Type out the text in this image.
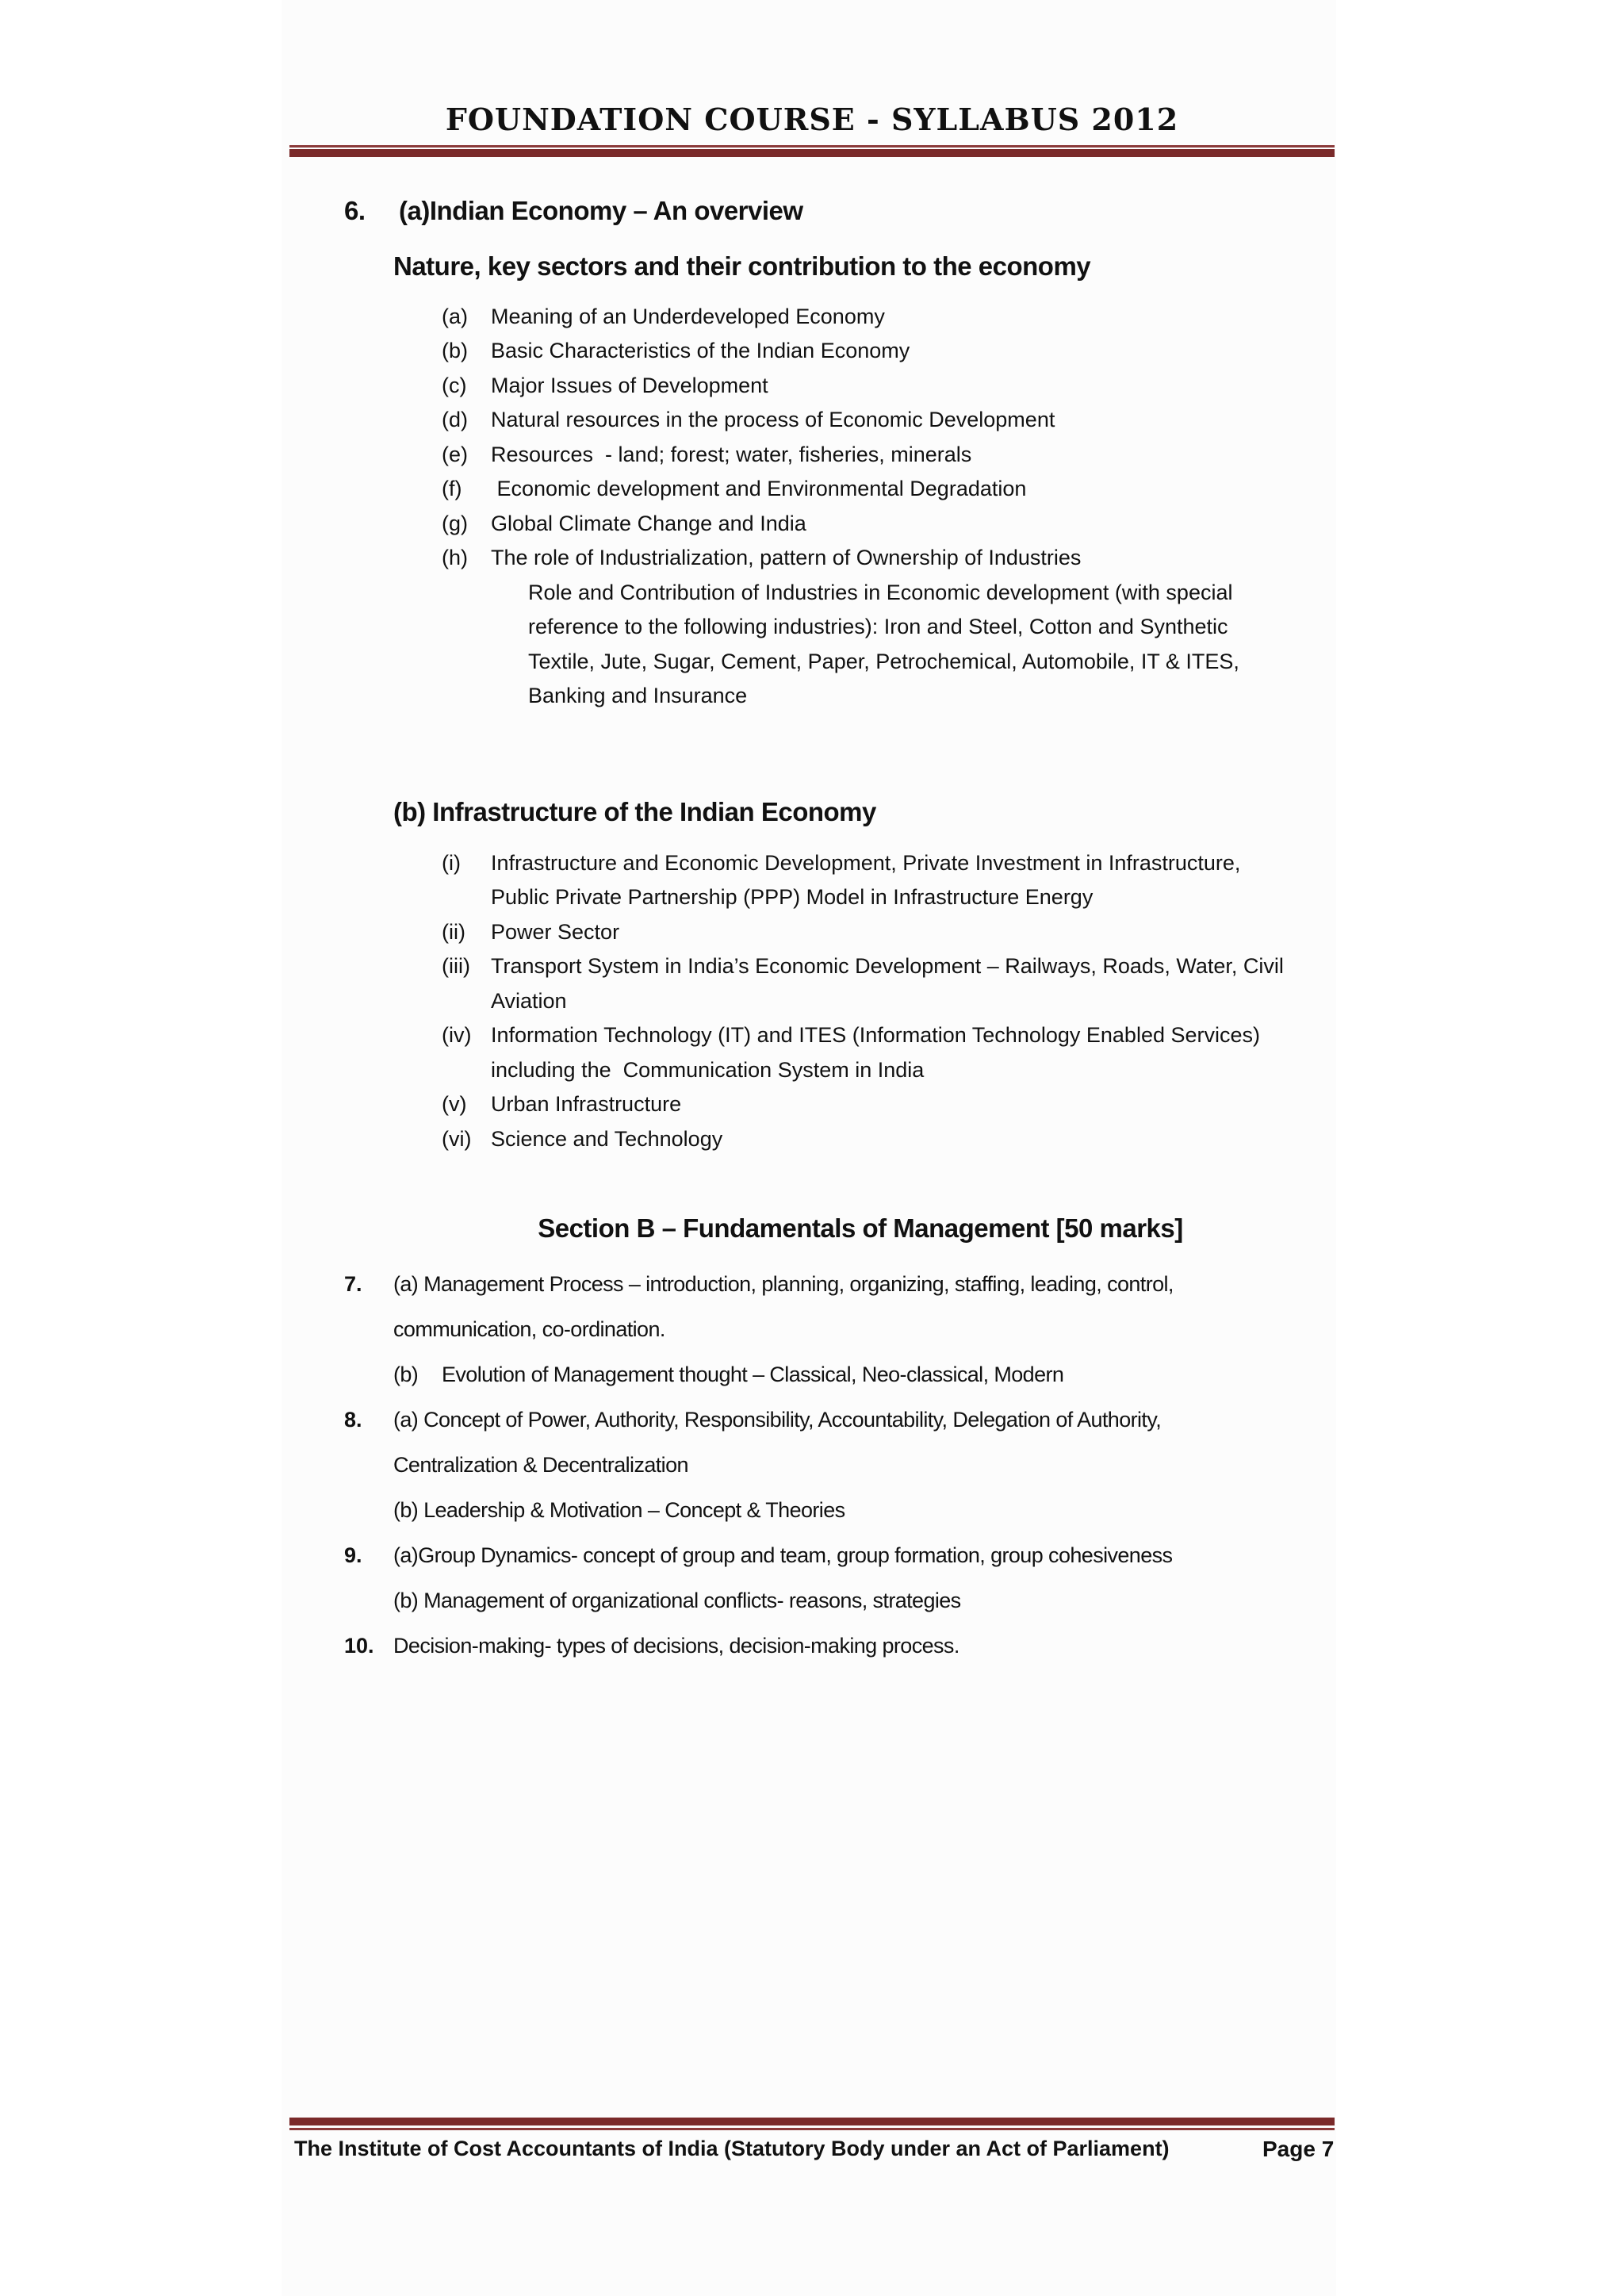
FOUNDATION COURSE - SYLLABUS 2012
6. (a)Indian Economy – An overview
Nature, key sectors and their contribution to the economy
(a) Meaning of an Underdeveloped Economy
(b) Basic Characteristics of the Indian Economy
(c) Major Issues of Development
(d) Natural resources in the process of Economic Development
(e) Resources  - land; forest; water, fisheries, minerals
(f) Economic development and Environmental Degradation
(g) Global Climate Change and India
(h) The role of Industrialization, pattern of Ownership of Industries
Role and Contribution of Industries in Economic development (with special
reference to the following industries): Iron and Steel, Cotton and Synthetic
Textile, Jute, Sugar, Cement, Paper, Petrochemical, Automobile, IT & ITES,
Banking and Insurance
(b) Infrastructure of the Indian Economy
(i) Infrastructure and Economic Development, Private Investment in Infrastructure,
Public Private Partnership (PPP) Model in Infrastructure Energy
(ii) Power Sector
(iii) Transport System in India’s Economic Development – Railways, Roads, Water, Civil
Aviation
(iv) Information Technology (IT) and ITES (Information Technology Enabled Services)
including the  Communication System in India
(v) Urban Infrastructure
(vi) Science and Technology
Section B – Fundamentals of Management [50 marks]
7. (a) Management Process – introduction, planning, organizing, staffing, leading, control,
communication, co-ordination.
(b) Evolution of Management thought – Classical, Neo-classical, Modern
8. (a) Concept of Power, Authority, Responsibility, Accountability, Delegation of Authority,
Centralization & Decentralization
(b) Leadership & Motivation – Concept & Theories
9. (a)Group Dynamics- concept of group and team, group formation, group cohesiveness
(b) Management of organizational conflicts- reasons, strategies
10. Decision-making- types of decisions, decision-making process.
The Institute of Cost Accountants of India (Statutory Body under an Act of Parliament)	Page 7
